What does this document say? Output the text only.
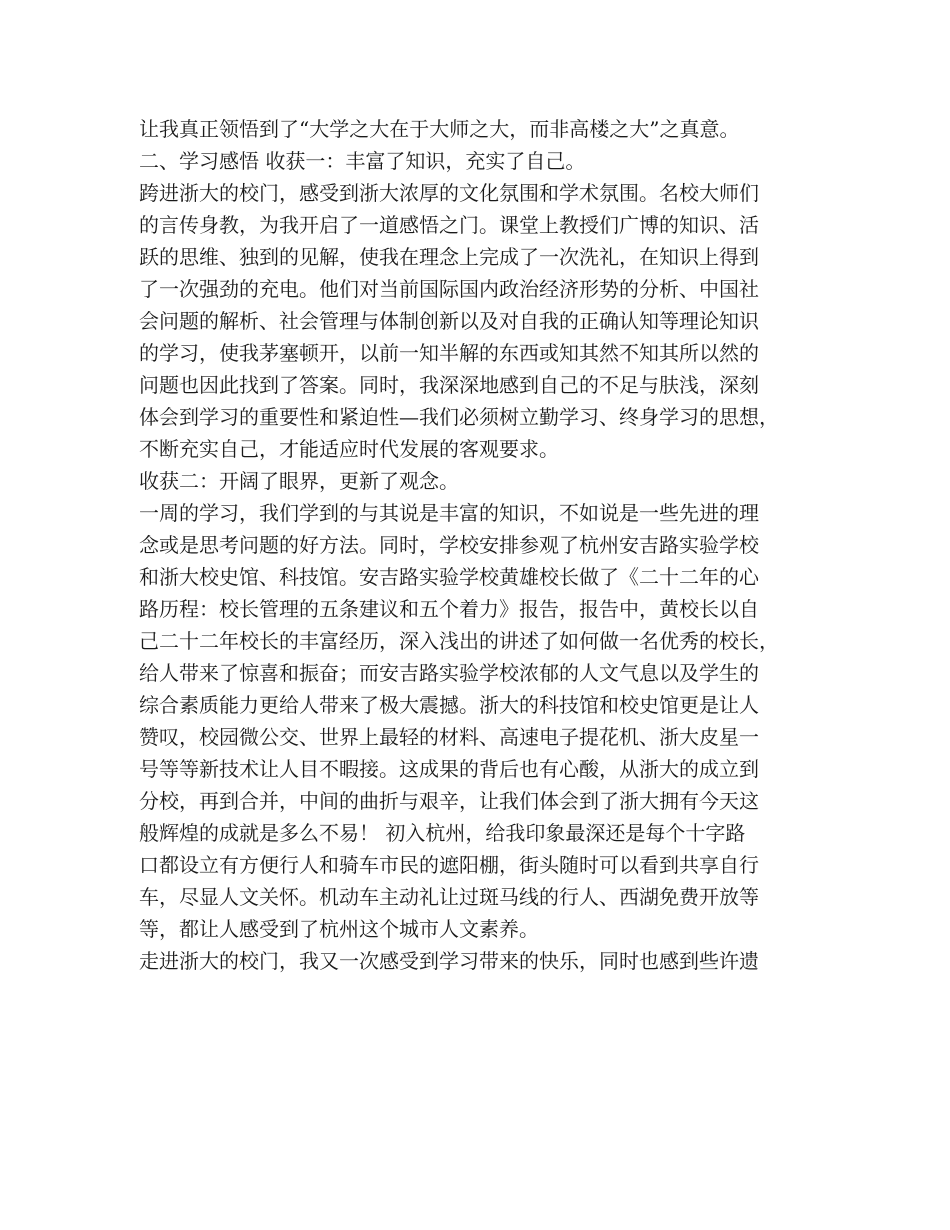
让我真正领悟到了“大学之大在于大师之大，而非高楼之大”之真意。
二、学习感悟 收获一：丰富了知识，充实了自己。
跨进浙大的校门，感受到浙大浓厚的文化氛围和学术氛围。名校大师们
的言传身教，为我开启了一道感悟之门。课堂上教授们广博的知识、活
跃的思维、独到的见解，使我在理念上完成了一次洗礼，在知识上得到
了一次强劲的充电。他们对当前国际国内政治经济形势的分析、中国社
会问题的解析、社会管理与体制创新以及对自我的正确认知等理论知识
的学习，使我茅塞顿开，以前一知半解的东西或知其然不知其所以然的
问题也因此找到了答案。同时，我深深地感到自己的不足与肤浅，深刻
体会到学习的重要性和紧迫性—我们必须树立勤学习、终身学习的思想，
不断充实自己，才能适应时代发展的客观要求。
收获二：开阔了眼界，更新了观念。
一周的学习，我们学到的与其说是丰富的知识，不如说是一些先进的理
念或是思考问题的好方法。同时，学校安排参观了杭州安吉路实验学校
和浙大校史馆、科技馆。安吉路实验学校黄雄校长做了《二十二年的心
路历程：校长管理的五条建议和五个着力》报告，报告中，黄校长以自
己二十二年校长的丰富经历，深入浅出的讲述了如何做一名优秀的校长，
给人带来了惊喜和振奋；而安吉路实验学校浓郁的人文气息以及学生的
综合素质能力更给人带来了极大震撼。浙大的科技馆和校史馆更是让人
赞叹，校园微公交、世界上最轻的材料、高速电子提花机、浙大皮星一
号等等新技术让人目不暇接。这成果的背后也有心酸，从浙大的成立到
分校，再到合并，中间的曲折与艰辛，让我们体会到了浙大拥有今天这
般辉煌的成就是多么不易！ 初入杭州，给我印象最深还是每个十字路
口都设立有方便行人和骑车市民的遮阳棚，街头随时可以看到共享自行
车，尽显人文关怀。机动车主动礼让过斑马线的行人、西湖免费开放等
等，都让人感受到了杭州这个城市人文素养。
走进浙大的校门，我又一次感受到学习带来的快乐，同时也感到些许遗
